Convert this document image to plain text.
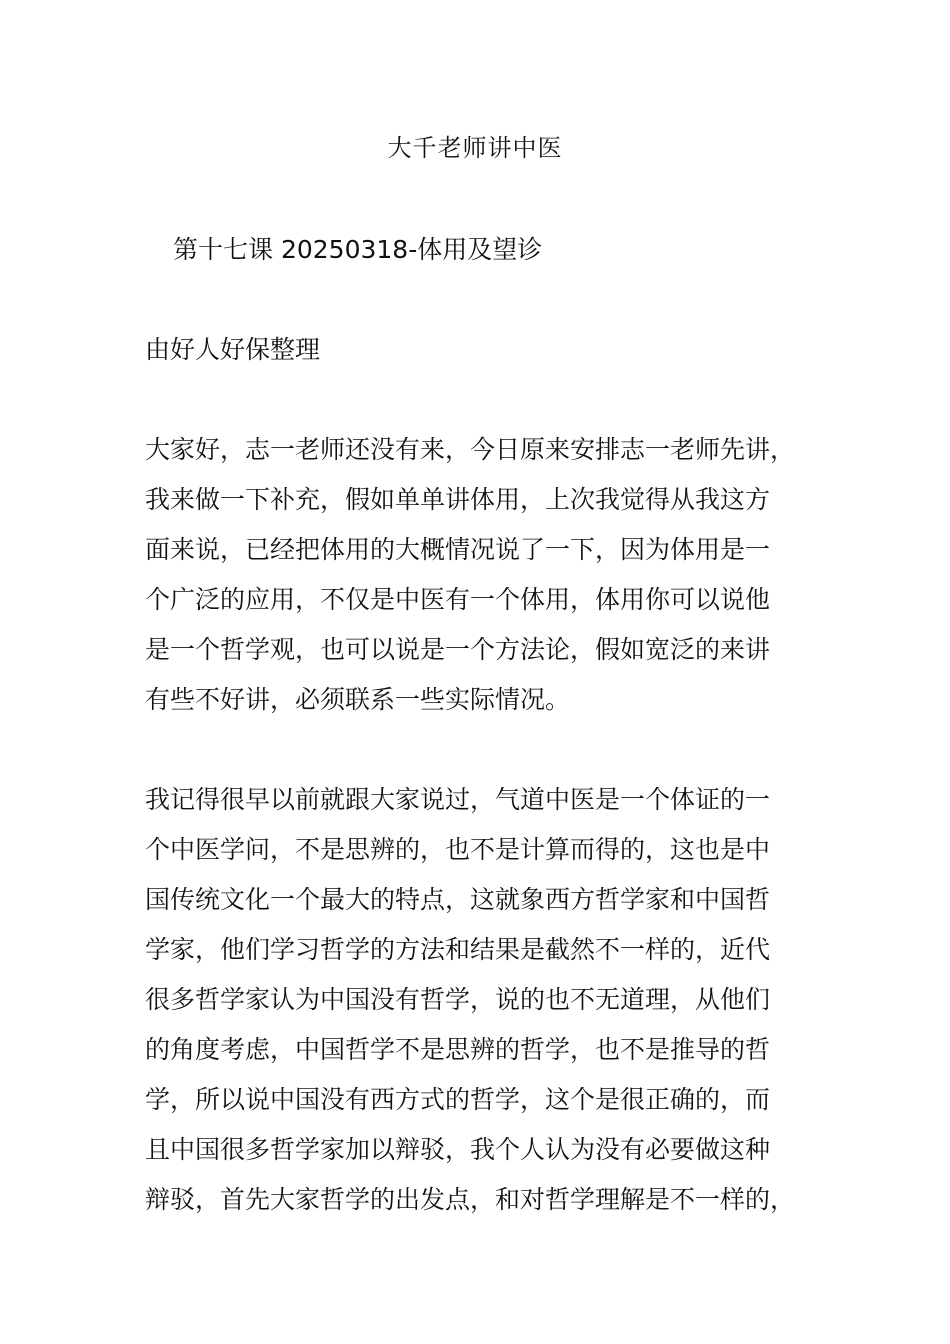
大千老师讲中医
第十七课 20250318-体用及望诊
由好人好保整理
大家好，志一老师还没有来，今日原来安排志一老师先讲，
我来做一下补充，假如单单讲体用，上次我觉得从我这方
面来说，已经把体用的大概情况说了一下，因为体用是一
个广泛的应用，不仅是中医有一个体用，体用你可以说他
是一个哲学观，也可以说是一个方法论，假如宽泛的来讲
有些不好讲，必须联系一些实际情况。
我记得很早以前就跟大家说过，气道中医是一个体证的一
个中医学问，不是思辨的，也不是计算而得的，这也是中
国传统文化一个最大的特点，这就象西方哲学家和中国哲
学家，他们学习哲学的方法和结果是截然不一样的，近代
很多哲学家认为中国没有哲学，说的也不无道理，从他们
的角度考虑，中国哲学不是思辨的哲学，也不是推导的哲
学，所以说中国没有西方式的哲学，这个是很正确的，而
且中国很多哲学家加以辩驳，我个人认为没有必要做这种
辩驳，首先大家哲学的出发点，和对哲学理解是不一样的，
